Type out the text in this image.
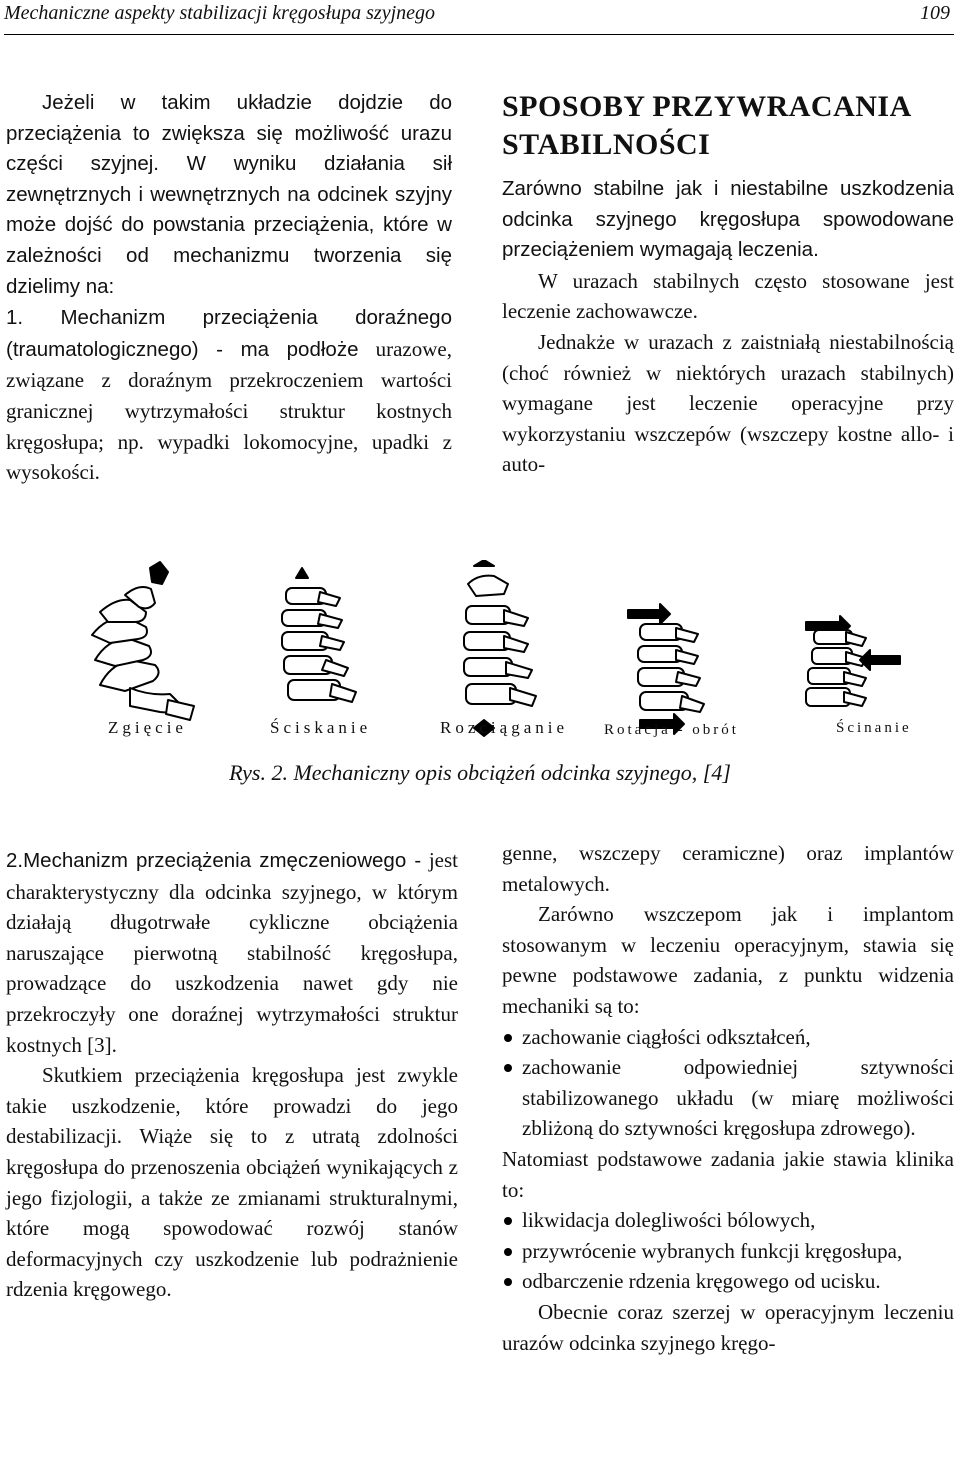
Mechaniczne aspekty stabilizacji kręgosłupa szyjnego	109

Jeżeli w takim układzie dojdzie do przeciążenia to zwiększa się możliwość urazu części szyjnej. W wyniku działania sił zewnętrznych i wewnętrznych na odcinek szyjny może dojść do powstania przeciążenia, które w zależności od mechanizmu tworzenia się dzielimy na:

1. Mechanizm przeciążenia doraźnego (traumatologicznego) - ma podłoże urazowe, związane z doraźnym przekroczeniem wartości granicznej wytrzymałości struktur kostnych kręgosłupa; np. wypadki lokomocyjne, upadki z wysokości.

SPOSOBY PRZYWRACANIA STABILNOŚCI

Zarówno stabilne jak i niestabilne uszkodzenia odcinka szyjnego kręgosłupa spowodowane przeciążeniem wymagają leczenia.

W urazach stabilnych często stosowane jest leczenie zachowawcze.

Jednakże w urazach z zaistniałą niestabilnością (choć również w niektórych urazach stabilnych) wymagane jest leczenie operacyjne przy wykorzystaniu wszczepów (wszczepy kostne allo- i auto-

Zgięcie	Ściskanie	Rozciąganie Rotacja - obrót	Ścinanie
Rys. 2. Mechaniczny opis obciążeń odcinka szyjnego, [4]

2.Mechanizm przeciążenia zmęczeniowego - jest charakterystyczny dla odcinka szyjnego, w którym działają długotrwałe cykliczne obciążenia naruszające pierwotną stabilność kręgosłupa, prowadzące do uszkodzenia nawet gdy nie przekroczyły one doraźnej wytrzymałości struktur kostnych [3].

Skutkiem przeciążenia kręgosłupa jest zwykle takie uszkodzenie, które prowadzi do jego destabilizacji. Wiąże się to z utratą zdolności kręgosłupa do przenoszenia obciążeń wynikających z jego fizjologii, a także ze zmianami strukturalnymi, które mogą spowodować rozwój stanów deformacyjnych czy uszkodzenie lub podrażnienie rdzenia kręgowego.

genne, wszczepy ceramiczne) oraz implantów metalowych.

Zarówno wszczepom jak i implantom stosowanym w leczeniu operacyjnym, stawia się pewne podstawowe zadania, z punktu widzenia mechaniki są to:

zachowanie ciągłości odkształceń,
zachowanie odpowiedniej sztywności stabilizowanego układu (w miarę możliwości zbliżoną do sztywności kręgosłupa zdrowego).

Natomiast podstawowe zadania jakie stawia klinika to:

likwidacja dolegliwości bólowych,
przywrócenie wybranych funkcji kręgosłupa,
odbarczenie rdzenia kręgowego od ucisku.

Obecnie coraz szerzej w operacyjnym leczeniu urazów odcinka szyjnego kręgo-
